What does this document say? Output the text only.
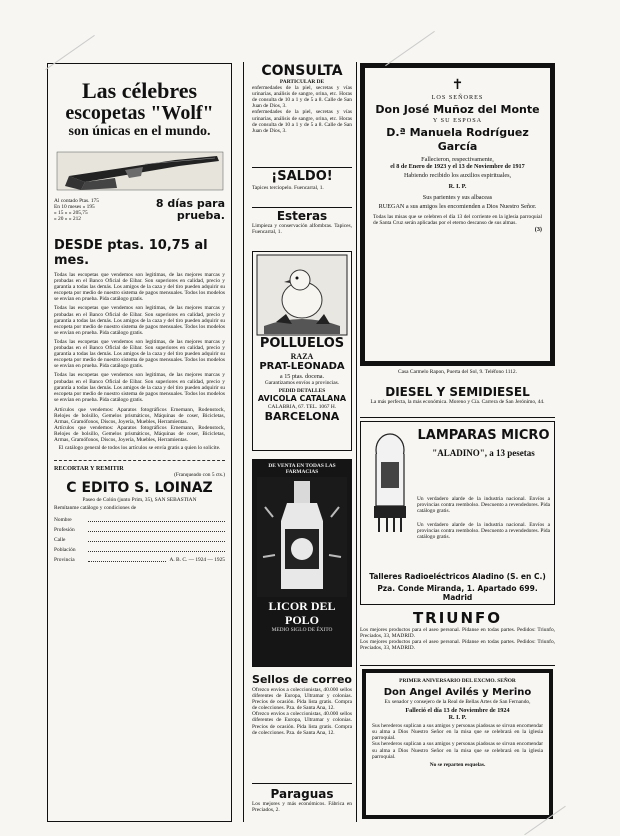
Las célebres
escopetas "Wolf"
son únicas en el mundo.
Al contado Ptas. 175
En 10 meses » 195
» 15 » » 205,75
» 20 » » 212
8 días para prueba.
DESDE ptas. 10,75 al mes.
Todas las escopetas que vendemos son legitimas, de las mejores marcas y probadas en el Banco Oficial de Eibar. Son superiores en calidad, precio y garantía a todas las demás. Los amigos de la caza y del tiro pueden adquirir su escopeta por medio de nuestro sistema de pagos mensuales. Todos los modelos se envían en prueba. Pida catálogo gratis.
Todas las escopetas que vendemos son legitimas, de las mejores marcas y probadas en el Banco Oficial de Eibar. Son superiores en calidad, precio y garantía a todas las demás. Los amigos de la caza y del tiro pueden adquirir su escopeta por medio de nuestro sistema de pagos mensuales. Todos los modelos se envían en prueba. Pida catálogo gratis.
Todas las escopetas que vendemos son legitimas, de las mejores marcas y probadas en el Banco Oficial de Eibar. Son superiores en calidad, precio y garantía a todas las demás. Los amigos de la caza y del tiro pueden adquirir su escopeta por medio de nuestro sistema de pagos mensuales. Todos los modelos se envían en prueba. Pida catálogo gratis.
Todas las escopetas que vendemos son legitimas, de las mejores marcas y probadas en el Banco Oficial de Eibar. Son superiores en calidad, precio y garantía a todas las demás. Los amigos de la caza y del tiro pueden adquirir su escopeta por medio de nuestro sistema de pagos mensuales. Todos los modelos se envían en prueba. Pida catálogo gratis.
Artículos que vendemos: Aparatos fotográficos Ernemann, Rodenstock, Relojes de bolsillo, Gemelos prismáticos, Máquinas de coser, Bicicletas, Armas, Gramófonos, Discos, Joyería, Muebles, Herramientas.
Artículos que vendemos: Aparatos fotográficos Ernemann, Rodenstock, Relojes de bolsillo, Gemelos prismáticos, Máquinas de coser, Bicicletas, Armas, Gramófonos, Discos, Joyería, Muebles, Herramientas.
El catálogo general de todos los artículos se envía gratis a quien lo solicite.
RECORTAR Y REMITIR
(Franqueado con 5 cts.)
C EDITO S. LOINAZ
Paseo de Colón (junto Prim, 35), SAN SEBASTIAN
Remítanme catálogo y condiciones de
Nombre
Profesión
Calle
Población
Provincia	A. B. C. — 1924 — 1925
CONSULTA
PARTICULAR DE
enfermedades de la piel, secretas y vías urinarias, análisis de sangre, orina, etc. Horas de consulta de 10 a 1 y de 5 a 8. Calle de San Juan de Dios, 3.
enfermedades de la piel, secretas y vías urinarias, análisis de sangre, orina, etc. Horas de consulta de 10 a 1 y de 5 a 8. Calle de San Juan de Dios, 3.
¡SALDO!
Tapices terciopelo. Fuencarral, 1.
Esteras
Limpieza y conservación alfombras. Tapices, Fuencarral, 1.
POLLUELOS
RAZA
PRAT-LEONADA
a 15 ptas. docena.
Garantizamos envíos a provincias.
PEDID DETALLES
AVICOLA CATALANA
CALABRIA, 67. TEL. 1067 H.
BARCELONA
DE VENTA EN TODAS LAS FARMACIAS
LICOR DEL POLO
MEDIO SIGLO DE ÉXITO
Sellos de correo
Ofrezco envíos a coleccionistas, 40.000 sellos diferentes de Europa, Ultramar y colonias. Precios de ocasión. Pida lista gratis. Compra de colecciones. Pza. de Santa Ana, 12.
Ofrezco envíos a coleccionistas, 40.000 sellos diferentes de Europa, Ultramar y colonias. Precios de ocasión. Pida lista gratis. Compra de colecciones. Pza. de Santa Ana, 12.
Paraguas
Los mejores y más económicos. Fábrica en Preciados, 2.
✝
LOS SEÑORES
Don José Muñoz del Monte
Y SU ESPOSA
D.ª Manuela Rodríguez García
Fallecieron, respectivamente,
el 8 de Enero de 1923 y el 13 de Noviembre de 1917
Habiendo recibido los auxilios espirituales,
R. I. P.
Sus parientes y sus albaceas
RUEGAN a sus amigos les encomienden a Dios Nuestro Señor.
Todas las misas que se celebren el día 13 del corriente en la iglesia parroquial de Santa Cruz serán aplicadas por el eterno descanso de sus almas.
(3)
Casa Carmelo Rapon, Puerta del Sol, 9. Teléfono 1112.
DIESEL Y SEMIDIESEL
La más perfecta, la más económica. Moreno y Cía. Carrera de San Jerónimo, 44.
LAMPARAS MICRO
"ALADINO", a 13 pesetas
Un verdadero alarde de la industria nacional. Envíos a provincias contra reembolso. Descuento a revendedores. Pida catálogo gratis.
Un verdadero alarde de la industria nacional. Envíos a provincias contra reembolso. Descuento a revendedores. Pida catálogo gratis.
Talleres Radioeléctricos Aladino (S. en C.)
Pza. Conde Miranda, 1. Apartado 699. Madrid
TRIUNFO
Los mejores productos para el aseo personal. Pídanse en todas partes. Pedidos: Triunfo, Preciados, 33, MADRID.
Los mejores productos para el aseo personal. Pídanse en todas partes. Pedidos: Triunfo, Preciados, 33, MADRID.
PRIMER ANIVERSARIO DEL EXCMO. SEÑOR
Don Angel Avilés y Merino
Ex senador y consejero de la Real de Bellas Artes de San Fernando,
Falleció el día 13 de Noviembre de 1924
R. I. P.
Sus herederos suplican a sus amigos y personas piadosas se sirvan encomendar su alma a Dios Nuestro Señor en la misa que se celebrará en la iglesia parroquial.
Sus herederos suplican a sus amigos y personas piadosas se sirvan encomendar su alma a Dios Nuestro Señor en la misa que se celebrará en la iglesia parroquial.
No se reparten esquelas.
